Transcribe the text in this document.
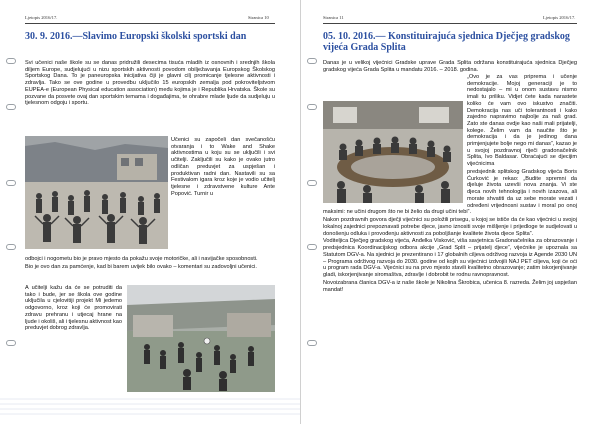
Ljetopis 2016/17.	Stranica 10
30. 9. 2016.—Slavimo Europski školski sportski dan

Svi učenici naše škole su se danas pridružili desecima tisuća mladih iz osnovnih i srednjih škola diljem Europe, sudjelujući u nizu sportskih aktivnosti povodom obilježavanja Europskog Školskog Sportskog Dana. To je paneuropska inicijativa čiji je glavni cilj promicanje tjelesne aktivnosti i zdravlja. Tako se ove godine u provedbu uključilo 15 europskih zemalja pod pokroviteljstvom EUPEA-e (European Physical education association) među kojima je i Republika Hrvatska. Škole su pozvane da posvete ovaj dan sportskim temama i događajima, te ohrabre mlade ljude da sudjeluju u tjelesnom odgoju i sportu.

Učenici su započeli dan svečanošću otvaranja i to Wake and Shake aktivnostima u koju su se uključili i svi učitelji. Zaključili su kako je ovako jutro odličan preduvjet za uspješan i produktivan radni dan. Nastavili su sa Festivalom igara kroz koje je vodio učitelj tjelesne i zdravstvene kulture Ante Popović. Turnir u

odbojci i nogometu bio je pravo mjesto da pokažu svoje motoričke, ali i navijačke sposobnosti.

Bio je ovo dan za pamćenje, kad bi barem uvijek bilo ovako – komentari su zadovoljni učenici.

A učitelji kažu da će se potruditi da tako i bude, jer se škola ove godine uključila u cjelovitiji projekt Mi jedemo odgovorno, kroz koji će promovirati zdravu prehranu i utjecaj hrane na ljude i okoliš, ali i tjelesnu aktivnost kao preduvjet dobrog zdravlja.

Stranica 11	Ljetopis 2016/17.
05. 10. 2016.— Konstituirajuća sjednica Dječjeg gradskog vijeća Grada Splita

Danas je u velikoj vijećnici Gradske uprave Grada Splita održana konstituirajuća sjednica Dječjeg gradskog vijeća Grada Splita u mandatu 2016. – 2018. godina.

„Ovo je za vas priprema i učenje demokracije. Mojoj generaciji je to nedostajalo – mi u onom sustavu nismo imali tu priliku. Vidjet ćete kada narastete koliko će vam ovo iskustvo značiti. Demokracija nas uči tolerantnosti i kako zajedno napravimo najbolje za naš grad. Zato ste danas ovdje kao naši mali prijatelji, kolege. Želim vam da naučite što je demokracija i da je jedinog dana primjenjujete bolje nego mi danas“, kazao je u svojoj pozdravnoj riječi gradonačelnik Splita, Ivo Baldasar. Obraćajući se djecijim vijećnicima

predsjednik splitskog Gradskog vijeća Boris Ćurković je rekao: „Budite spremni da djeluje života uzevši nova znanja. Vi ste djeca novih tehnologija i novih izazova, ali morate shvatiti da uz sebe morate vezati i određeni vrijednosni sustav i moral po onoj maksimi: ne učini drugom što ne bi želio da drugi učini tebi“.

Nakon pozdravnih govora dječji vijećnici su položili prisegu, u kojoj se ističe da će kao vijećnici u svojoj lokalnoj zajednici prepoznavati potrebe djece, javno iznositi svoje mišljenje i prijedloge te sudjelovati u donošenju odluka i provođenju aktivnosti za poboljšanje kvalitete života djece Splita“.

Voditeljica Dječjeg gradskog vijeća, Anđelka Visković, viša savjetnica Gradonačelnika za obrazovanje i predsjednica Koordinacijskog odbora akcije „Grad Split – prijatelj djece“, vijećnike je upoznala sa Statutom DGV-a. Na sjednici je prezentirano i 17 globalnih ciljeva održivog razvoja iz Agende 2030 UN – Programa održivog razvoja do 2030. godine od kojih su vijećnici izdvojili NAJ PET ciljeva, koji će oći u program rada DGV-a. Vijećnici su na prvo mjesto stavili kvalitetno obrazovanje; zatim iskorjenjivanje gladi, iskorjenjivanje siromaštva, zdravlje i dobrobit te rodnu ravnopravnost.

Novoizabrana članica DGV-a iz naše škole je Nikolina Škrobica, učenica 8. razreda. Želim joj uspješan mandat!
